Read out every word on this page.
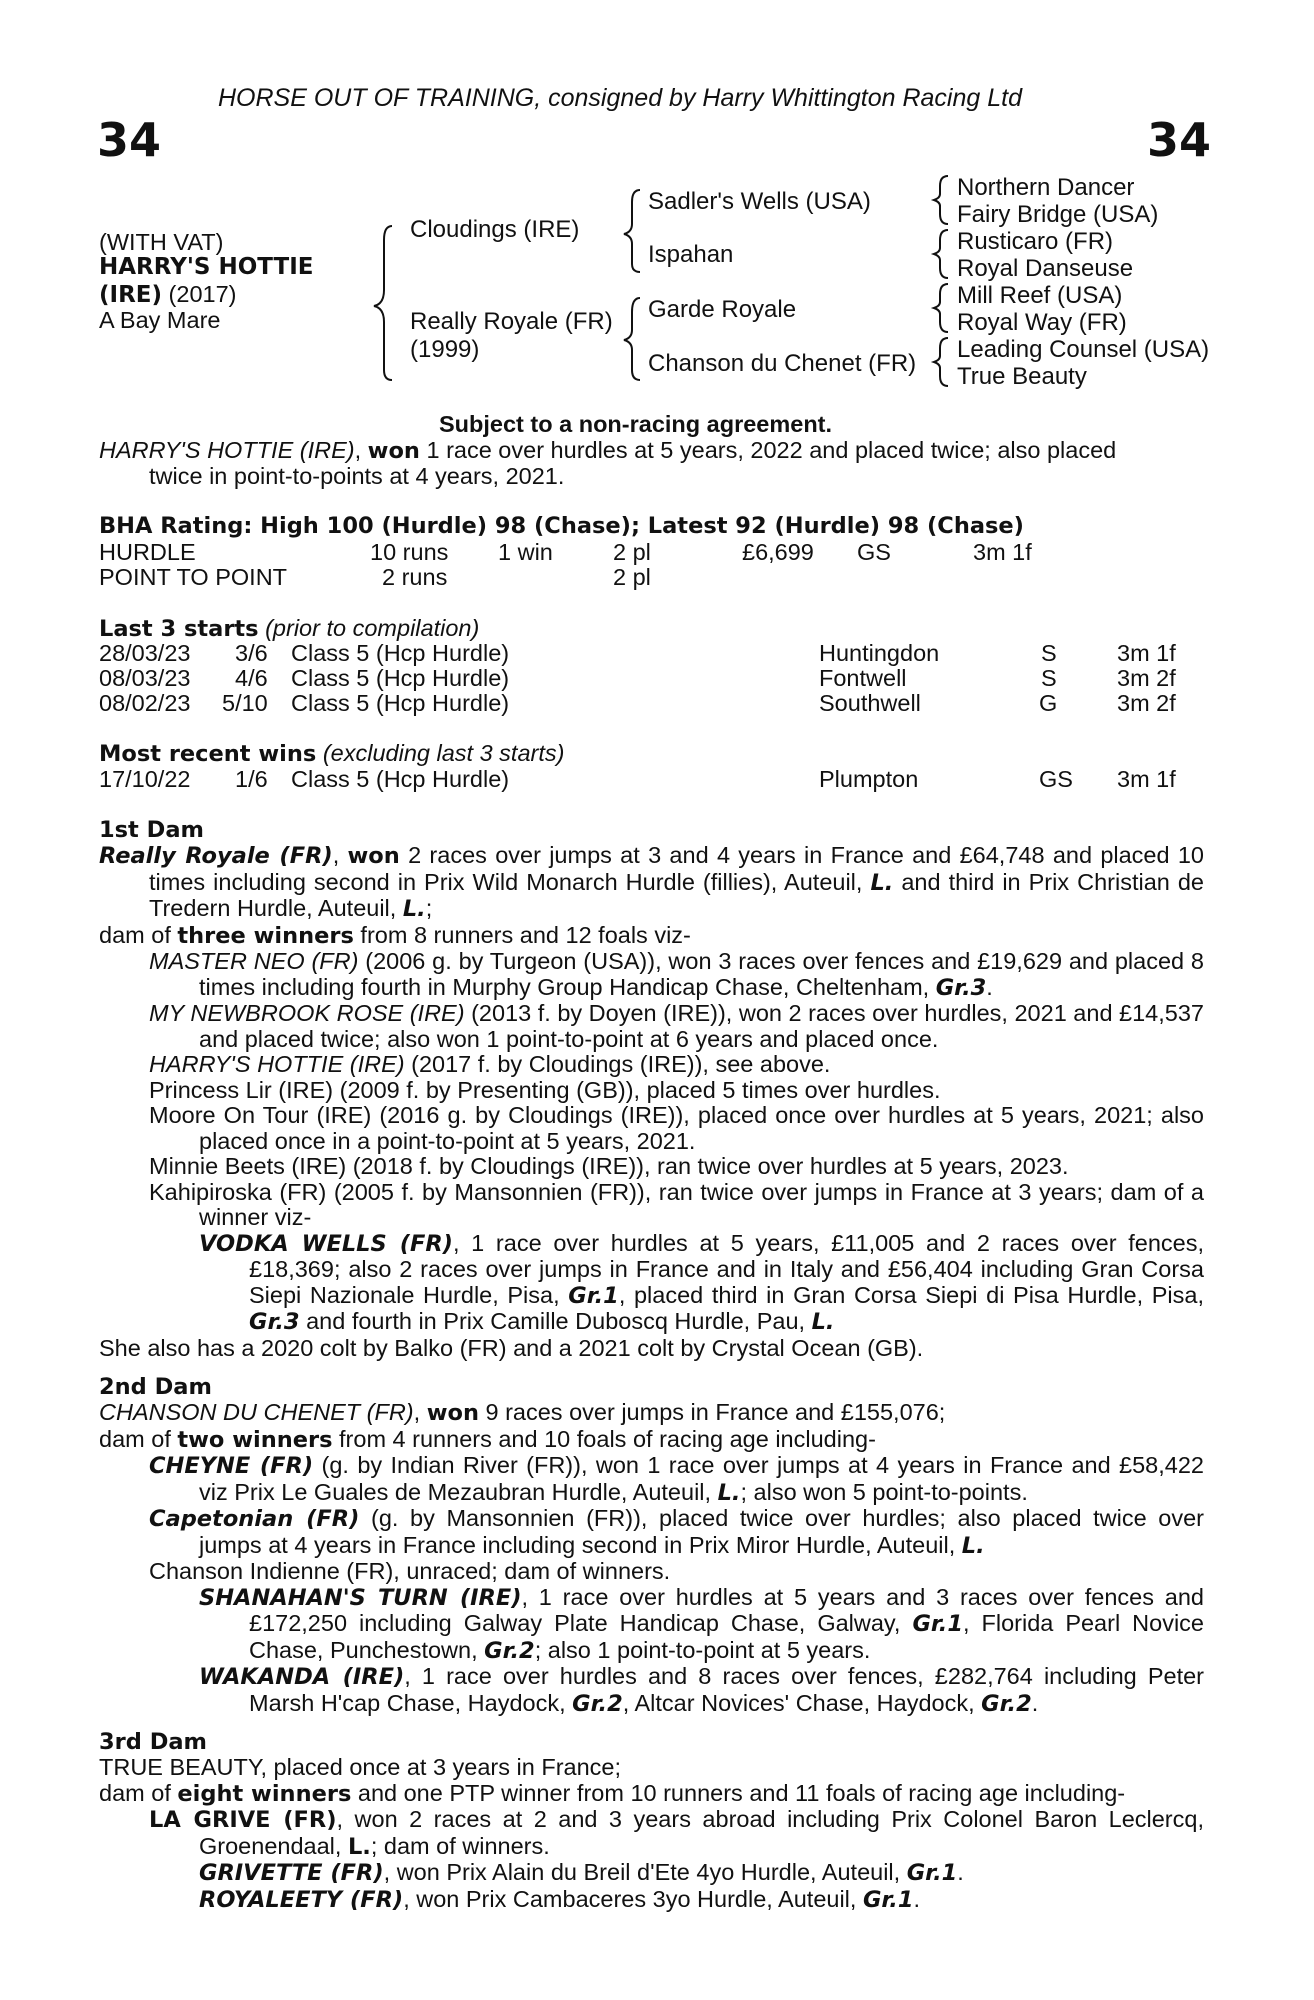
HORSE OUT OF TRAINING, consigned by Harry Whittington Racing Ltd
34	34
(WITH VAT)
HARRY'S HOTTIE
(IRE) (2017)
A Bay Mare
Cloudings (IRE)
Really Royale (FR)
(1999)
Sadler's Wells (USA)
Ispahan
Garde Royale
Chanson du Chenet (FR)
Northern Dancer
Fairy Bridge (USA)
Rusticaro (FR)
Royal Danseuse
Mill Reef (USA)
Royal Way (FR)
Leading Counsel (USA)
True Beauty
Subject to a non-racing agreement.
HARRY'S HOTTIE (IRE), won 1 race over hurdles at 5 years, 2022 and placed twice; also placed
twice in point-to-points at 4 years, 2021.
BHA Rating: High 100 (Hurdle) 98 (Chase); Latest 92 (Hurdle) 98 (Chase)
HURDLE	10 runs 1 win	2 pl	£6,699 GS	3m 1f
POINT TO POINT	2 runs	2 pl
Last 3 starts (prior to compilation)
28/03/23 3/6 Class 5 (Hcp Hurdle)	Huntingdon	S	3m 1f
08/03/23 4/6 Class 5 (Hcp Hurdle)	Fontwell	S	3m 2f
08/02/23 5/10 Class 5 (Hcp Hurdle)	Southwell	G	3m 2f
Most recent wins (excluding last 3 starts)
17/10/22 1/6 Class 5 (Hcp Hurdle)	Plumpton	GS 3m 1f
1st Dam
Really Royale (FR), won 2 races over jumps at 3 and 4 years in France and £64,748 and placed 10 times including second in Prix Wild Monarch Hurdle (fillies), Auteuil, L. and third in Prix Christian de Tredern Hurdle, Auteuil, L.;
dam of three winners from 8 runners and 12 foals viz-
MASTER NEO (FR) (2006 g. by Turgeon (USA)), won 3 races over fences and £19,629 and placed 8 times including fourth in Murphy Group Handicap Chase, Cheltenham, Gr.3.
MY NEWBROOK ROSE (IRE) (2013 f. by Doyen (IRE)), won 2 races over hurdles, 2021 and £14,537 and placed twice; also won 1 point-to-point at 6 years and placed once.
HARRY'S HOTTIE (IRE) (2017 f. by Cloudings (IRE)), see above.
Princess Lir (IRE) (2009 f. by Presenting (GB)), placed 5 times over hurdles.
Moore On Tour (IRE) (2016 g. by Cloudings (IRE)), placed once over hurdles at 5 years, 2021; also placed once in a point-to-point at 5 years, 2021.
Minnie Beets (IRE) (2018 f. by Cloudings (IRE)), ran twice over hurdles at 5 years, 2023.
Kahipiroska (FR) (2005 f. by Mansonnien (FR)), ran twice over jumps in France at 3 years; dam of a winner viz-
VODKA WELLS (FR), 1 race over hurdles at 5 years, £11,005 and 2 races over fences, £18,369; also 2 races over jumps in France and in Italy and £56,404 including Gran Corsa Siepi Nazionale Hurdle, Pisa, Gr.1, placed third in Gran Corsa Siepi di Pisa Hurdle, Pisa, Gr.3 and fourth in Prix Camille Duboscq Hurdle, Pau, L.
She also has a 2020 colt by Balko (FR) and a 2021 colt by Crystal Ocean (GB).
2nd Dam
CHANSON DU CHENET (FR), won 9 races over jumps in France and £155,076;
dam of two winners from 4 runners and 10 foals of racing age including-
CHEYNE (FR) (g. by Indian River (FR)), won 1 race over jumps at 4 years in France and £58,422 viz Prix Le Guales de Mezaubran Hurdle, Auteuil, L.; also won 5 point-to-points.
Capetonian (FR) (g. by Mansonnien (FR)), placed twice over hurdles; also placed twice over jumps at 4 years in France including second in Prix Miror Hurdle, Auteuil, L.
Chanson Indienne (FR), unraced; dam of winners.
SHANAHAN'S TURN (IRE), 1 race over hurdles at 5 years and 3 races over fences and £172,250 including Galway Plate Handicap Chase, Galway, Gr.1, Florida Pearl Novice Chase, Punchestown, Gr.2; also 1 point-to-point at 5 years.
WAKANDA (IRE), 1 race over hurdles and 8 races over fences, £282,764 including Peter Marsh H'cap Chase, Haydock, Gr.2, Altcar Novices' Chase, Haydock, Gr.2.
3rd Dam
TRUE BEAUTY, placed once at 3 years in France;
dam of eight winners and one PTP winner from 10 runners and 11 foals of racing age including-
LA GRIVE (FR), won 2 races at 2 and 3 years abroad including Prix Colonel Baron Leclercq, Groenendaal, L.; dam of winners.
GRIVETTE (FR), won Prix Alain du Breil d'Ete 4yo Hurdle, Auteuil, Gr.1.
ROYALEETY (FR), won Prix Cambaceres 3yo Hurdle, Auteuil, Gr.1.
